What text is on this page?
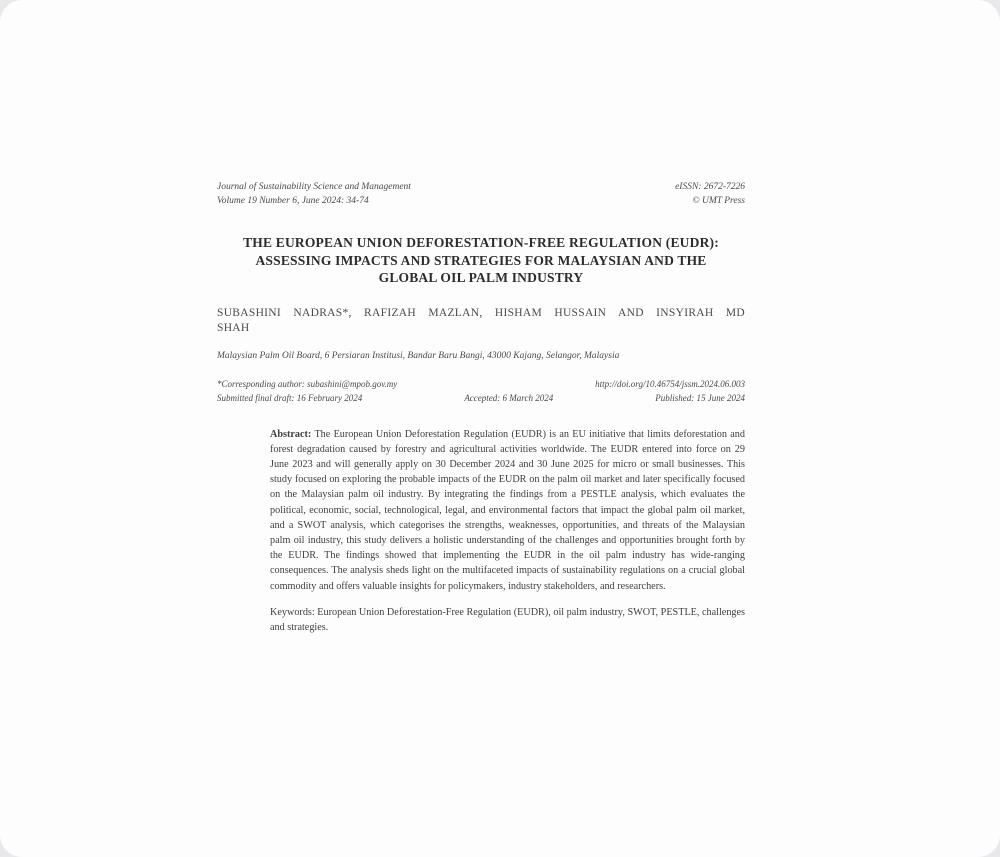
Journal of Sustainability Science and Management
Volume 19 Number 6, June 2024: 34-74
eISSN: 2672-7226
© UMT Press
THE EUROPEAN UNION DEFORESTATION-FREE REGULATION (EUDR):
ASSESSING IMPACTS AND STRATEGIES FOR MALAYSIAN AND THE
GLOBAL OIL PALM INDUSTRY
SUBASHINI NADRAS*, RAFIZAH MAZLAN, HISHAM HUSSAIN AND INSYIRAH MD
SHAH
Malaysian Palm Oil Board, 6 Persiaran Institusi, Bandar Baru Bangi, 43000 Kajang, Selangor, Malaysia
*Corresponding author: subashini@mpob.gov.my	http://doi.org/10.46754/jssm.2024.06.003
Submitted final draft: 16 February 2024	Accepted: 6 March 2024	Published: 15 June 2024
Abstract: The European Union Deforestation Regulation (EUDR) is an EU initiative that limits deforestation and forest degradation caused by forestry and agricultural activities worldwide. The EUDR entered into force on 29 June 2023 and will generally apply on 30 December 2024 and 30 June 2025 for micro or small businesses. This study focused on exploring the probable impacts of the EUDR on the palm oil market and later specifically focused on the Malaysian palm oil industry. By integrating the findings from a PESTLE analysis, which evaluates the political, economic, social, technological, legal, and environmental factors that impact the global palm oil market, and a SWOT analysis, which categorises the strengths, weaknesses, opportunities, and threats of the Malaysian palm oil industry, this study delivers a holistic understanding of the challenges and opportunities brought forth by the EUDR. The findings showed that implementing the EUDR in the oil palm industry has wide-ranging consequences. The analysis sheds light on the multifaceted impacts of sustainability regulations on a crucial global commodity and offers valuable insights for policymakers, industry stakeholders, and researchers.
Keywords: European Union Deforestation-Free Regulation (EUDR), oil palm industry, SWOT, PESTLE, challenges and strategies.
